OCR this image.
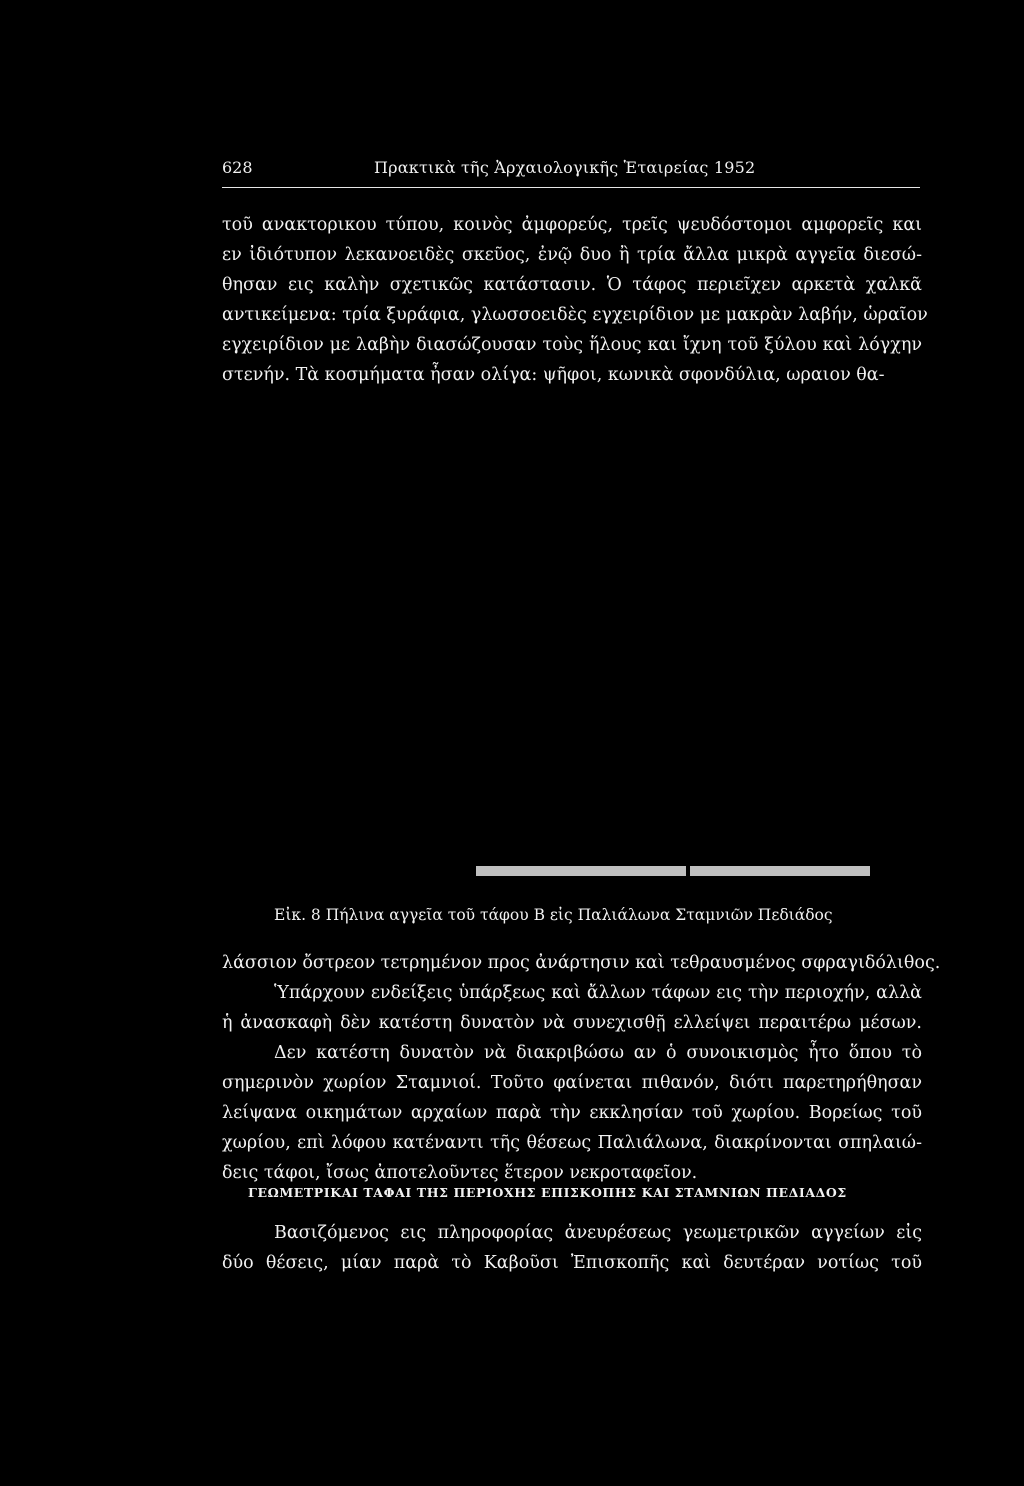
628	Πρακτικὰ τῆς Ἀρχαιολογικῆς Ἑταιρείας 1952
τοῦ ανακτορικου τύπου, κοινὸς ἀμφορεύς, τρεῖς ψευδόστομοι αμφορεῖς και
εν ἰδιότυπον λεκανοειδὲς σκεῦος, ἐνῷ δυο ἢ τρία ἄλλα μικρὰ αγγεῖα διεσώ-
θησαν εις καλὴν σχετικῶς κατάστασιν. Ὁ τάφος περιεῖχεν αρκετὰ χαλκᾶ
αντικείμενα: τρία ξυράφια, γλωσσοειδὲς εγχειρίδιον με μακρὰν λαβήν, ὡραῖον
εγχειρίδιον με λαβὴν διασώζουσαν τοὺς ἥλους και ἴχνη τοῦ ξύλου καὶ λόγχην
στενήν. Τὰ κοσμήματα ἦσαν ολίγα: ψῆφοι, κωνικὰ σφονδύλια, ωραιον θα-
Εἰκ. 8 Πήλινα αγγεῖα τοῦ τάφου Β εἰς Παλιάλωνα Σταμνιῶν Πεδιάδος
λάσσιον ὄστρεον τετρημένον προς ἀνάρτησιν καὶ τεθραυσμένος σφραγιδόλιθος.
Ὑπάρχουν ενδείξεις ὑπάρξεως καὶ ἄλλων τάφων εις τὴν περιοχήν, αλλὰ
ἡ ἀνασκαφὴ δὲν κατέστη δυνατὸν νὰ συνεχισθῇ ελλείψει περαιτέρω μέσων.
Δεν κατέστη δυνατὸν νὰ διακριβώσω αν ὁ συνοικισμὸς ἦτο ὅπου τὸ
σημερινὸν χωρίον Σταμνιοί. Τοῦτο φαίνεται πιθανόν, διότι παρετηρήθησαν
λείψανα οικημάτων αρχαίων παρὰ τὴν εκκλησίαν τοῦ χωρίου. Βορείως τοῦ
χωρίου, επὶ λόφου κατέναντι τῆς θέσεως Παλιάλωνα, διακρίνονται σπηλαιώ-
δεις τάφοι, ἴσως ἀποτελοῦντες ἕτερον νεκροταφεῖον.
ΓΕΩΜΕΤΡΙΚΑΙ ΤΑΦΑΙ ΤΗΣ ΠΕΡΙΟΧΗΣ ΕΠΙΣΚΟΠΗΣ ΚΑΙ ΣΤΑΜΝΙΩΝ ΠΕΔΙΑΔΟΣ
Βασιζόμενος εις πληροφορίας ἀνευρέσεως γεωμετρικῶν αγγείων εἰς
δύο θέσεις, μίαν παρὰ τὸ Καβοῦσι Ἐπισκοπῆς καὶ δευτέραν νοτίως τοῦ
